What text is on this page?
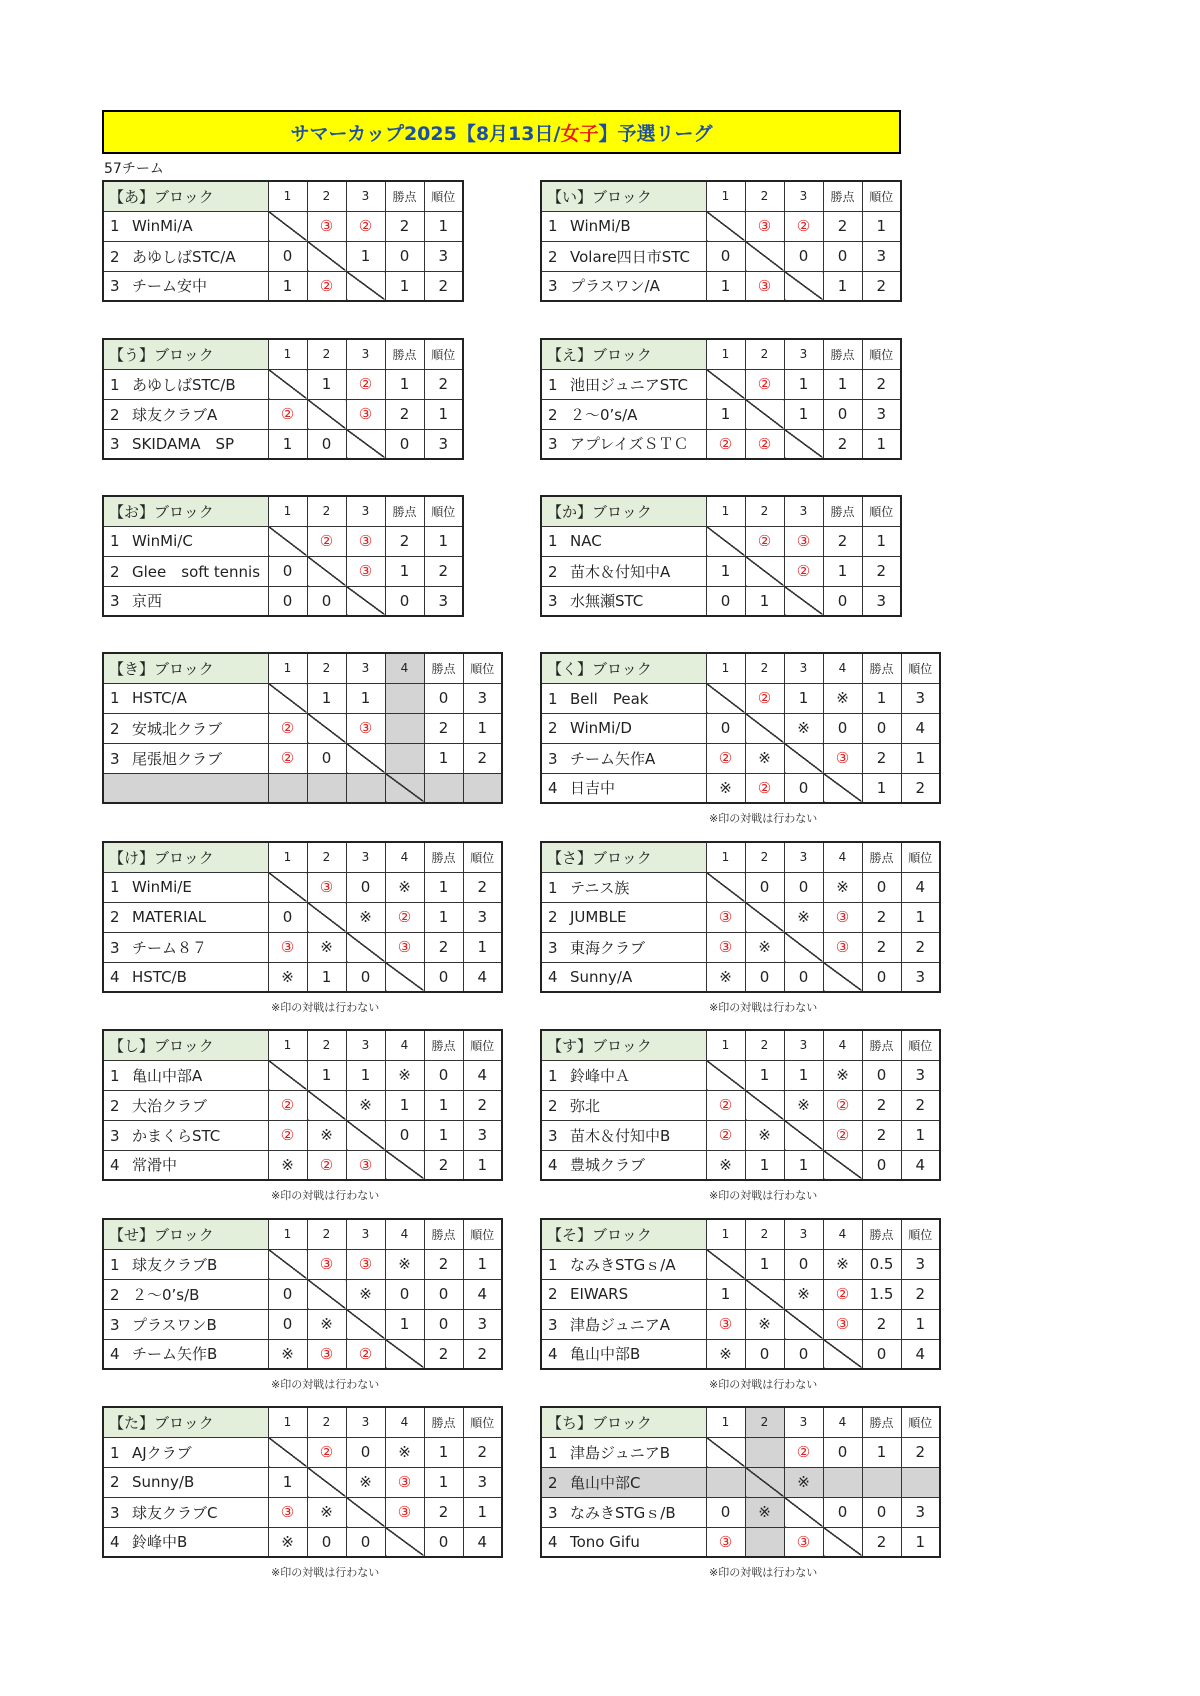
サマーカップ2025【8月13日/ 女子 】予選リーグ
57チーム
【あ】ブロック	1	2	3	勝点	順位
1 WinMi/A		③	②	2	1
2 あゆしばSTC/A	0		1	0	3
3 チーム安中	1	②		1	2
【い】ブロック	1	2	3	勝点	順位
1 WinMi/B		③	②	2	1
2 Volare四日市STC	0		0	0	3
3 プラスワン/A	1	③		1	2
【う】ブロック	1	2	3	勝点	順位
1 あゆしばSTC/B		1	②	1	2
2 球友クラブA	②		③	2	1
3 SKIDAMA　SP	1	0		0	3
【え】ブロック	1	2	3	勝点	順位
1 池田ジュニアSTC		②	1	1	2
2 ２～0’s/A	1		1	0	3
3 アプレイズＳＴＣ	②	②		2	1
【お】ブロック	1	2	3	勝点	順位
1 WinMi/C		②	③	2	1
2 Glee　soft tennis	0		③	1	2
3 京西	0	0		0	3
【か】ブロック	1	2	3	勝点	順位
1 NAC		②	③	2	1
2 苗木＆付知中A	1		②	1	2
3 水無瀬STC	0	1		0	3
【き】ブロック	1	2	3	4	勝点	順位
1 HSTC/A		1	1		0	3
2 安城北クラブ	②		③		2	1
3 尾張旭クラブ	②	0			1	2

【く】ブロック	1	2	3	4	勝点	順位
1 Bell　Peak		②	1	※	1	3
2 WinMi/D	0		※	0	0	4
3 チーム矢作A	②	※		③	2	1
4 日吉中	※	②	0		1	2
※印の対戦は行わない
【け】ブロック	1	2	3	4	勝点	順位
1 WinMi/E		③	0	※	1	2
2 MATERIAL	0		※	②	1	3
3 チーム８７	③	※		③	2	1
4 HSTC/B	※	1	0		0	4
※印の対戦は行わない
【さ】ブロック	1	2	3	4	勝点	順位
1 テニス族		0	0	※	0	4
2 JUMBLE	③		※	③	2	1
3 東海クラブ	③	※		③	2	2
4 Sunny/A	※	0	0		0	3
※印の対戦は行わない
【し】ブロック	1	2	3	4	勝点	順位
1 亀山中部A		1	1	※	0	4
2 大治クラブ	②		※	1	1	2
3 かまくらSTC	②	※		0	1	3
4 常滑中	※	②	③		2	1
※印の対戦は行わない
【す】ブロック	1	2	3	4	勝点	順位
1 鈴峰中Ａ		1	1	※	0	3
2 弥北	②		※	②	2	2
3 苗木＆付知中B	②	※		②	2	1
4 豊城クラブ	※	1	1		0	4
※印の対戦は行わない
【せ】ブロック	1	2	3	4	勝点	順位
1 球友クラブB		③	③	※	2	1
2 ２～0’s/B	0		※	0	0	4
3 プラスワンB	0	※		1	0	3
4 チーム矢作B	※	③	②		2	2
※印の対戦は行わない
【そ】ブロック	1	2	3	4	勝点	順位
1 なみきSTGｓ/A		1	0	※	0.5	3
2 EIWARS	1		※	②	1.5	2
3 津島ジュニアA	③	※		③	2	1
4 亀山中部B	※	0	0		0	4
※印の対戦は行わない
【た】ブロック	1	2	3	4	勝点	順位
1 AJクラブ		②	0	※	1	2
2 Sunny/B	1		※	③	1	3
3 球友クラブC	③	※		③	2	1
4 鈴峰中B	※	0	0		0	4
※印の対戦は行わない
【ち】ブロック	1	2	3	4	勝点	順位
1 津島ジュニアB			②	0	1	2
2 亀山中部C			※			
3 なみきSTGｓ/B	0	※		0	0	3
4 Tono Gifu	③		③		2	1
※印の対戦は行わない
